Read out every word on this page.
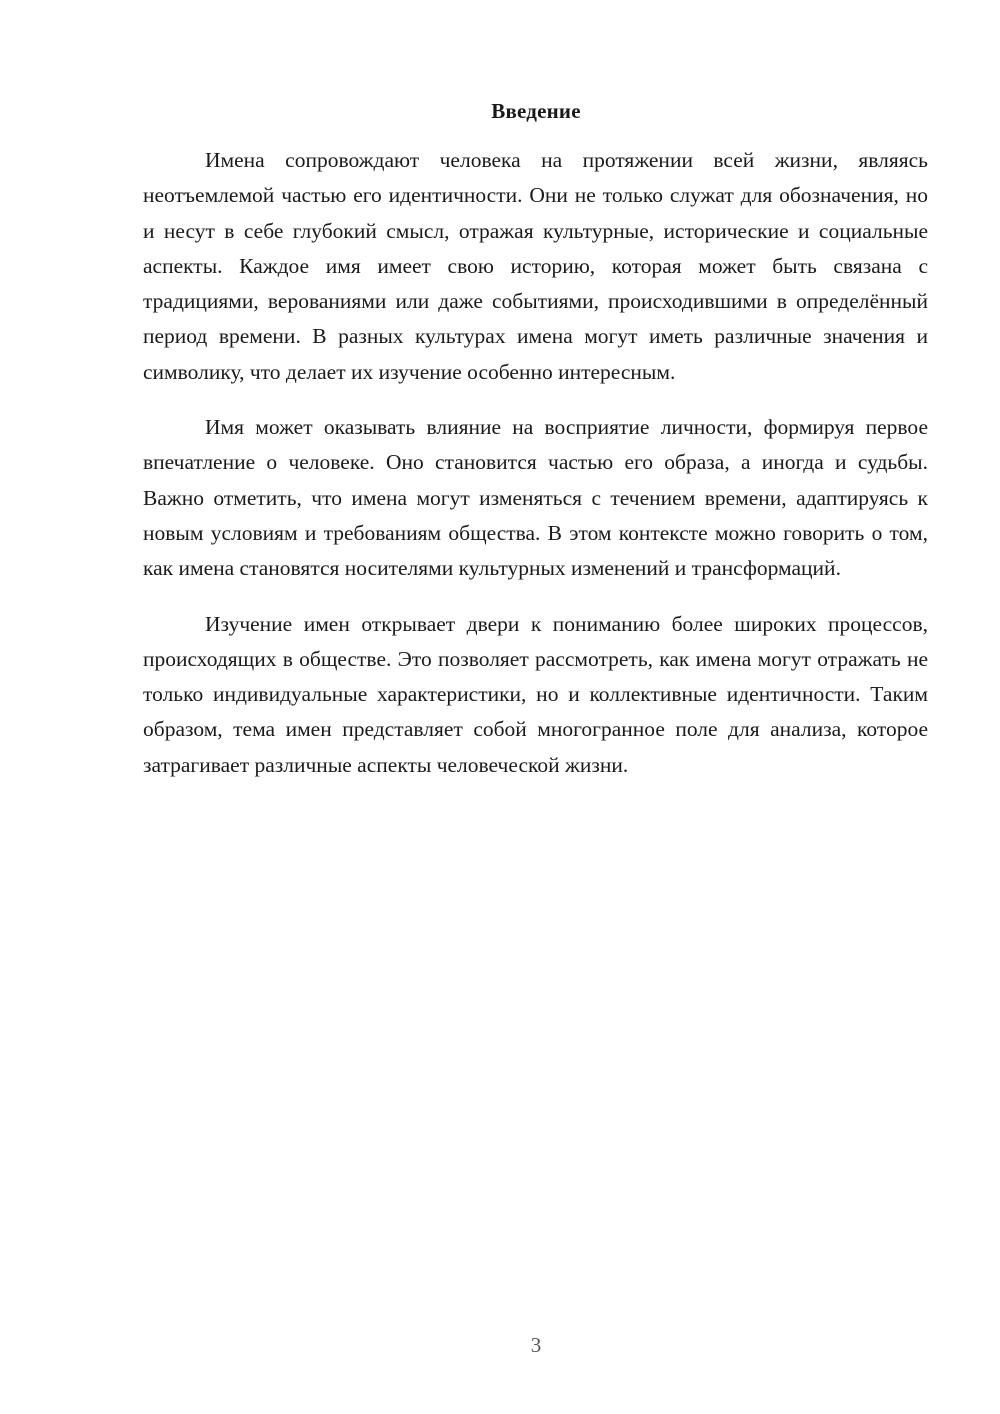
Введение

Имена сопровождают человека на протяжении всей жизни, являясь неотъемлемой частью его идентичности. Они не только служат для обозначения, но и несут в себе глубокий смысл, отражая культурные, исторические и социальные аспекты. Каждое имя имеет свою историю, которая может быть связана с традициями, верованиями или даже событиями, происходившими в определённый период времени. В разных культурах имена могут иметь различные значения и символику, что делает их изучение особенно интересным.

Имя может оказывать влияние на восприятие личности, формируя первое впечатление о человеке. Оно становится частью его образа, а иногда и судьбы. Важно отметить, что имена могут изменяться с течением времени, адаптируясь к новым условиям и требованиям общества. В этом контексте можно говорить о том, как имена становятся носителями культурных изменений и трансформаций.

Изучение имен открывает двери к пониманию более широких процессов, происходящих в обществе. Это позволяет рассмотреть, как имена могут отражать не только индивидуальные характеристики, но и коллективные идентичности. Таким образом, тема имен представляет собой многогранное поле для анализа, которое затрагивает различные аспекты человеческой жизни.

3
